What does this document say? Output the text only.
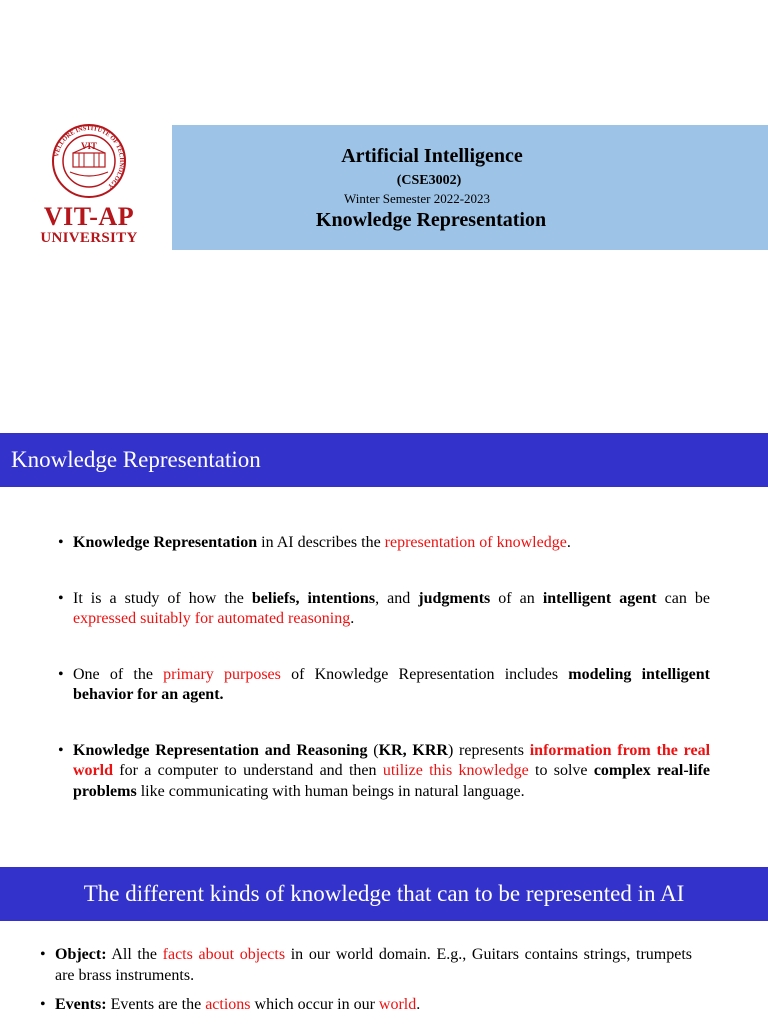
VELLORE INSTITUTE OF TECHNOLOGY
VIT
VIT-AP
UNIVERSITY
Artificial Intelligence
(CSE3002)
Winter Semester 2022-2023
Knowledge Representation
Knowledge Representation
• Knowledge Representation in AI describes the representation of knowledge.
• It is a study of how the beliefs, intentions, and judgments of an intelligent agent can be expressed suitably for automated reasoning.
• One of the primary purposes of Knowledge Representation includes modeling intelligent behavior for an agent.
• Knowledge Representation and Reasoning (KR, KRR) represents information from the real world for a computer to understand and then utilize this knowledge to solve complex real-life problems like communicating with human beings in natural language.
The different kinds of knowledge that can to be represented in AI
• Object: All the facts about objects in our world domain. E.g., Guitars contains strings, trumpets are brass instruments.
• Events: Events are the actions which occur in our world.
